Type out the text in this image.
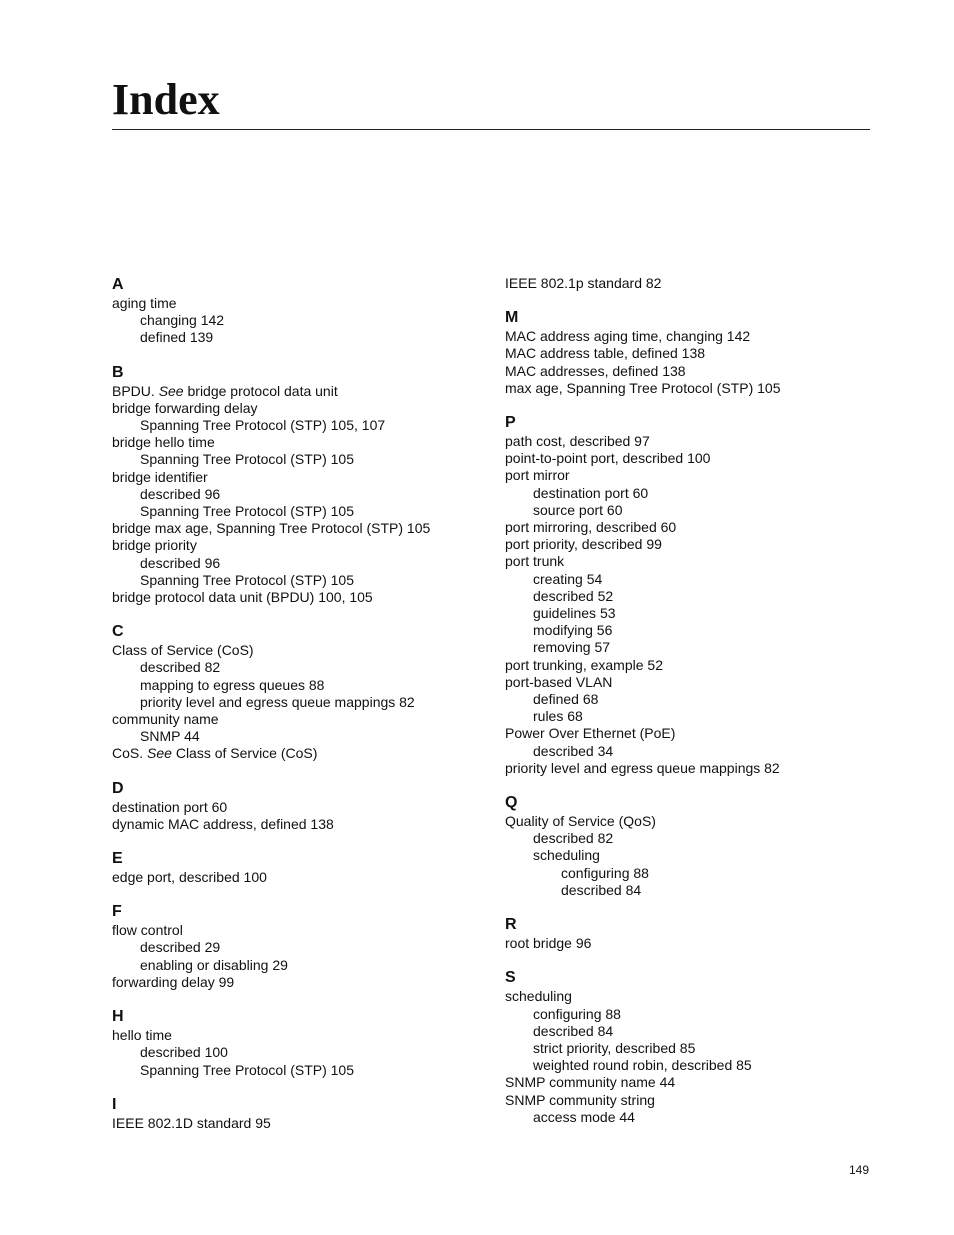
Index
A
aging time
changing 142
defined 139
B
BPDU. See bridge protocol data unit
bridge forwarding delay
Spanning Tree Protocol (STP) 105, 107
bridge hello time
Spanning Tree Protocol (STP) 105
bridge identifier
described 96
Spanning Tree Protocol (STP) 105
bridge max age, Spanning Tree Protocol (STP) 105
bridge priority
described 96
Spanning Tree Protocol (STP) 105
bridge protocol data unit (BPDU) 100, 105
C
Class of Service (CoS)
described 82
mapping to egress queues 88
priority level and egress queue mappings 82
community name
SNMP 44
CoS. See Class of Service (CoS)
D
destination port 60
dynamic MAC address, defined 138
E
edge port, described 100
F
flow control
described 29
enabling or disabling 29
forwarding delay 99
H
hello time
described 100
Spanning Tree Protocol (STP) 105
I
IEEE 802.1D standard 95
IEEE 802.1p standard 82
M
MAC address aging time, changing 142
MAC address table, defined 138
MAC addresses, defined 138
max age, Spanning Tree Protocol (STP) 105
P
path cost, described 97
point-to-point port, described 100
port mirror
destination port 60
source port 60
port mirroring, described 60
port priority, described 99
port trunk
creating 54
described 52
guidelines 53
modifying 56
removing 57
port trunking, example 52
port-based VLAN
defined 68
rules 68
Power Over Ethernet (PoE)
described 34
priority level and egress queue mappings 82
Q
Quality of Service (QoS)
described 82
scheduling
configuring 88
described 84
R
root bridge 96
S
scheduling
configuring 88
described 84
strict priority, described 85
weighted round robin, described 85
SNMP community name 44
SNMP community string
access mode 44
149
